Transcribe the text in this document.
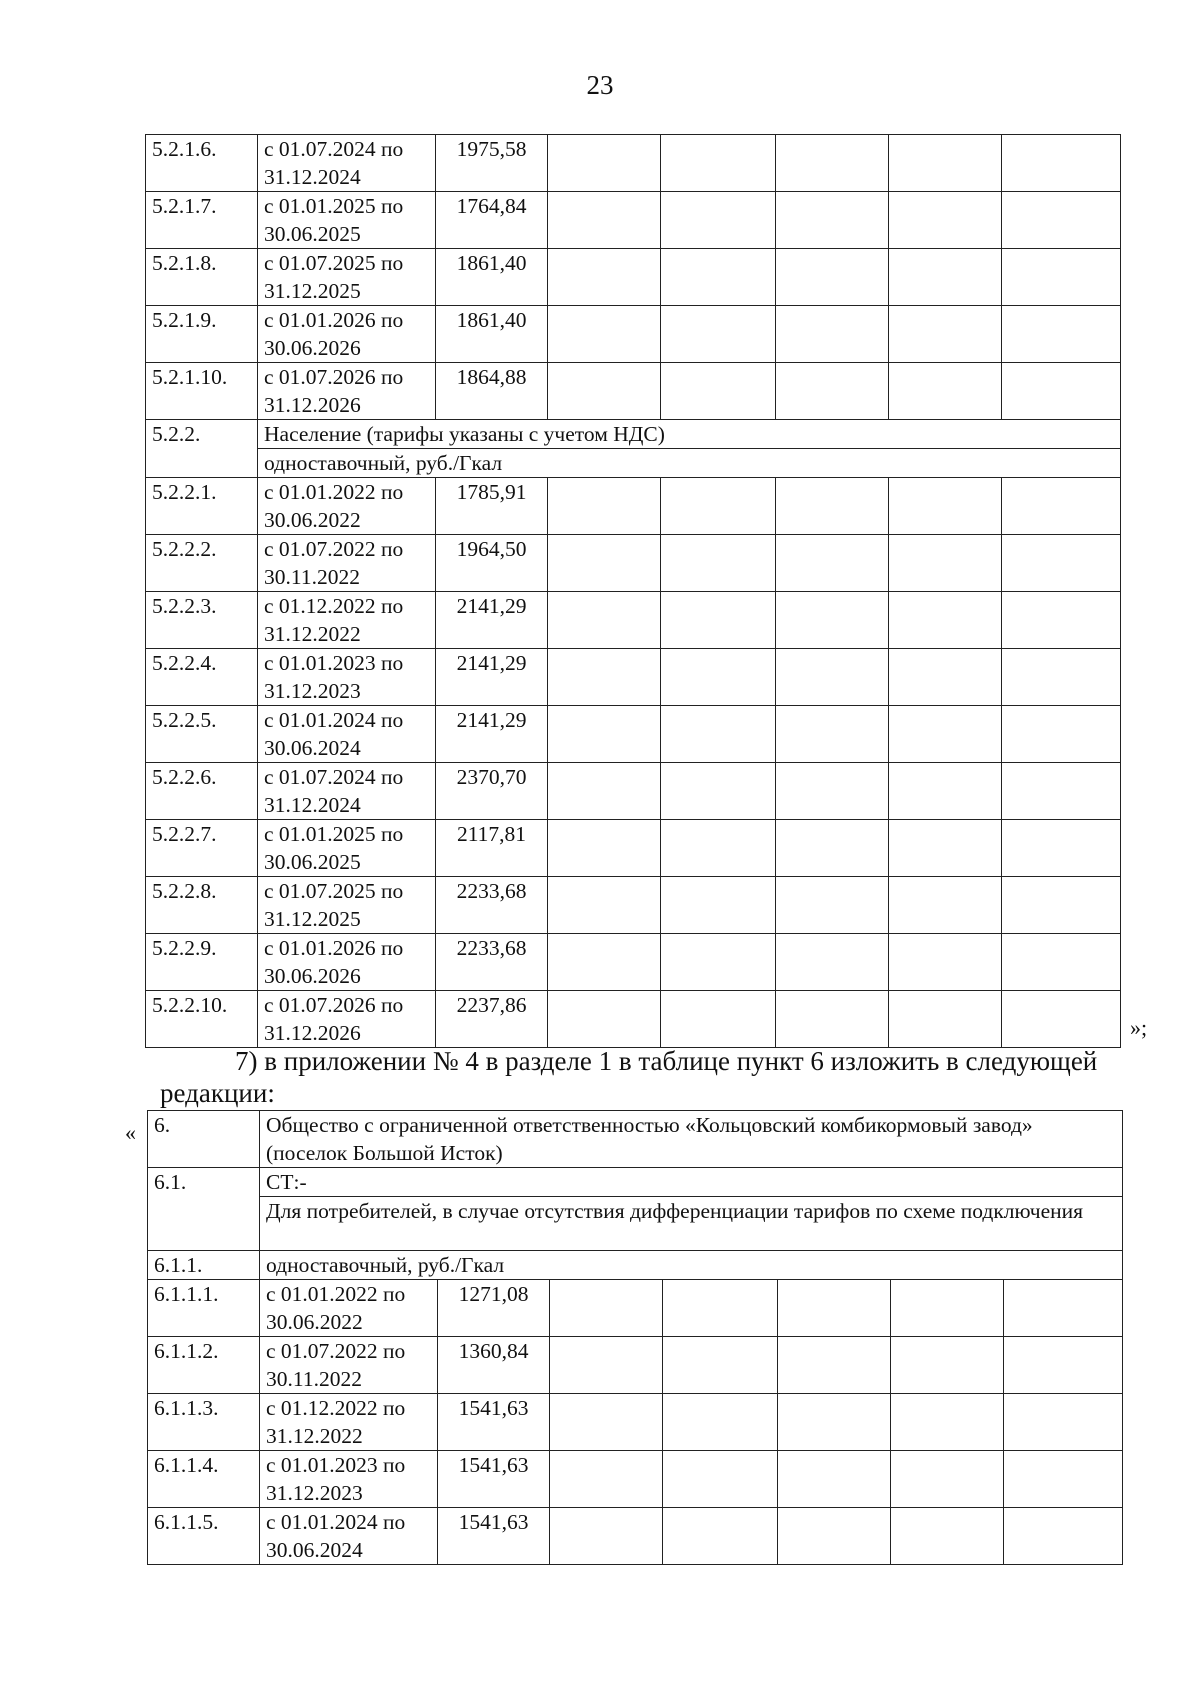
23
5.2.1.6.	с 01.07.2024 по
31.12.2024	1975,58					
5.2.1.7.	с 01.01.2025 по
30.06.2025	1764,84					
5.2.1.8.	с 01.07.2025 по
31.12.2025	1861,40					
5.2.1.9.	с 01.01.2026 по
30.06.2026	1861,40					
5.2.1.10.	с 01.07.2026 по
31.12.2026	1864,88					
5.2.2.	Население (тарифы указаны с учетом НДС)						
	одноставочный, руб./Гкал						
5.2.2.1.	с 01.01.2022 по
30.06.2022	1785,91					
5.2.2.2.	с 01.07.2022 по
30.11.2022	1964,50					
5.2.2.3.	с 01.12.2022 по
31.12.2022	2141,29					
5.2.2.4.	с 01.01.2023 по
31.12.2023	2141,29					
5.2.2.5.	с 01.01.2024 по
30.06.2024	2141,29					
5.2.2.6.	с 01.07.2024 по
31.12.2024	2370,70					
5.2.2.7.	с 01.01.2025 по
30.06.2025	2117,81					
5.2.2.8.	с 01.07.2025 по
31.12.2025	2233,68					
5.2.2.9.	с 01.01.2026 по
30.06.2026	2233,68					
5.2.2.10.	с 01.07.2026 по
31.12.2026	2237,86					
»;
7) в приложении № 4 в разделе 1 в таблице пункт 6 изложить в следующей редакции:
« 6.	Общество с ограниченной ответственностью «Кольцовский комбикормовый завод» (поселок Большой Исток)						
6.1.	СТ:-						
	Для потребителей, в случае отсутствия дифференциации тарифов по схеме подключения						
6.1.1.	одноставочный, руб./Гкал						
6.1.1.1.	с 01.01.2022 по
30.06.2022	1271,08					
6.1.1.2.	с 01.07.2022 по
30.11.2022	1360,84					
6.1.1.3.	с 01.12.2022 по
31.12.2022	1541,63					
6.1.1.4.	с 01.01.2023 по
31.12.2023	1541,63					
6.1.1.5.	с 01.01.2024 по
30.06.2024	1541,63					
